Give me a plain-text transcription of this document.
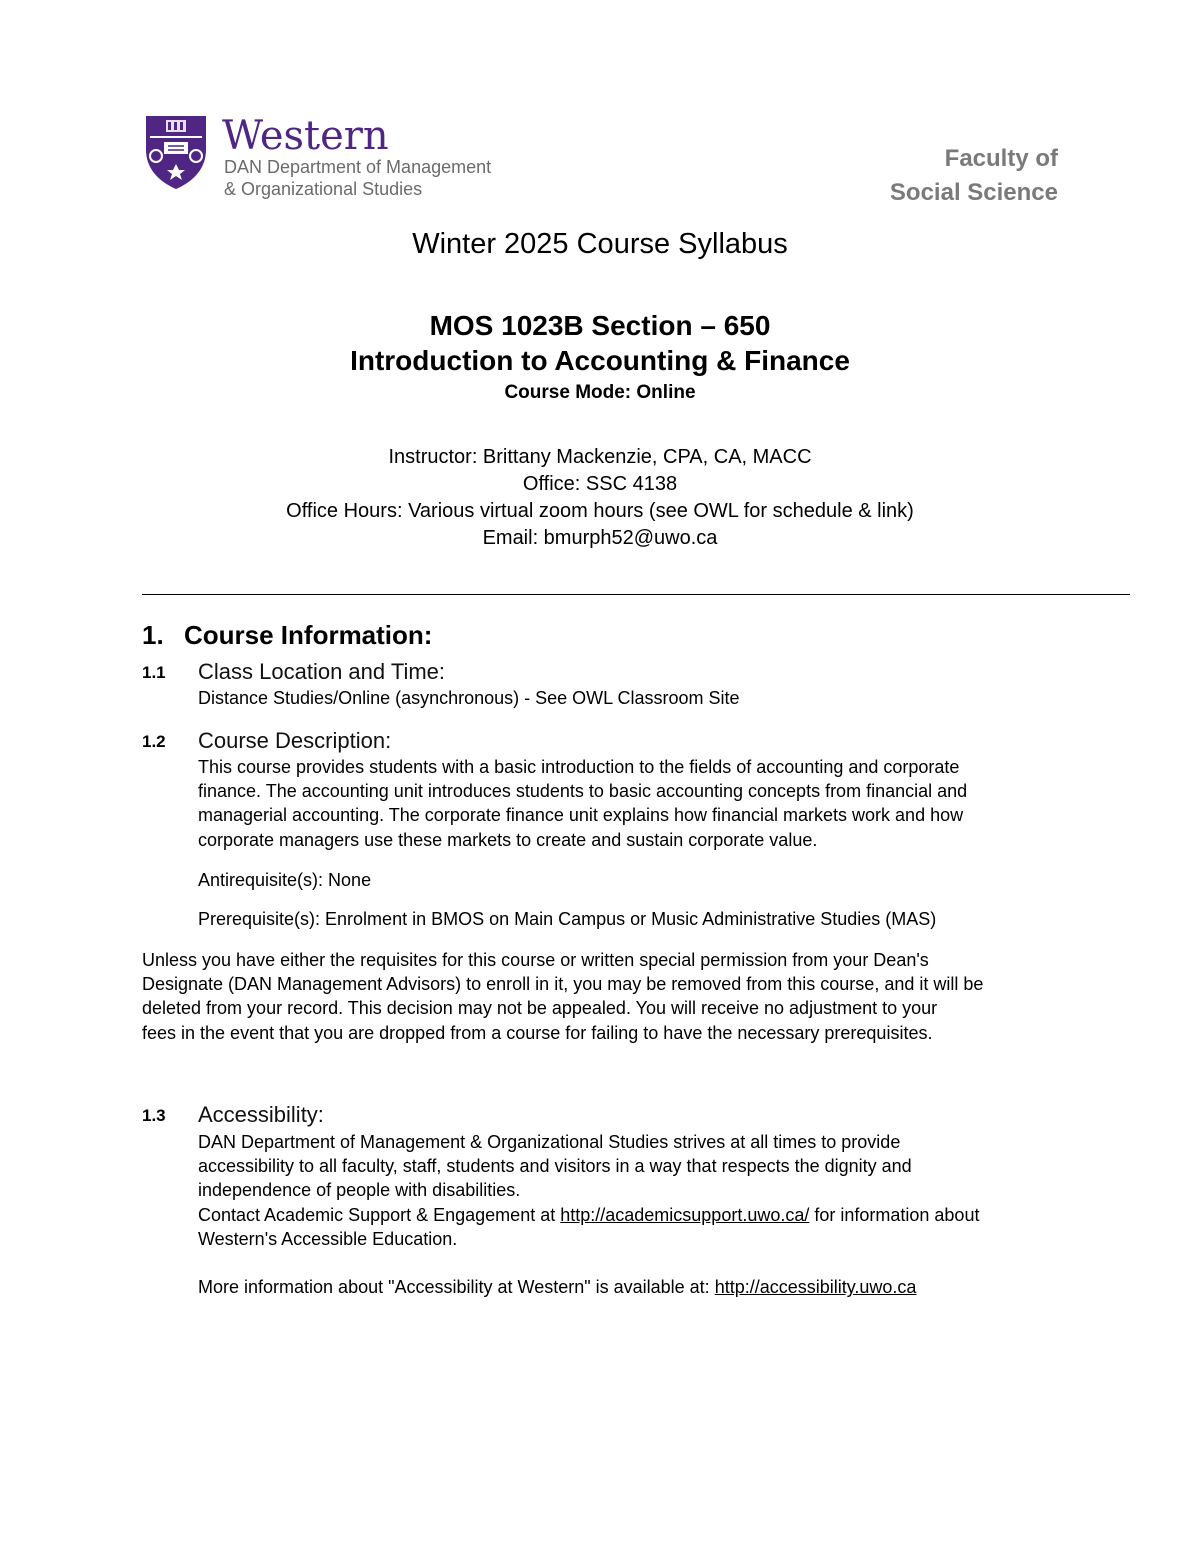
Western
DAN Department of Management
& Organizational Studies
Faculty of
Social Science
Winter 2025 Course Syllabus
MOS 1023B Section – 650
Introduction to Accounting & Finance
Course Mode: Online
Instructor: Brittany Mackenzie, CPA, CA, MACC
Office: SSC 4138
Office Hours: Various virtual zoom hours (see OWL for schedule & link)
Email: bmurph52@uwo.ca
1. Course Information:
1.1 Class Location and Time:
Distance Studies/Online (asynchronous) - See OWL Classroom Site
1.2 Course Description:
This course provides students with a basic introduction to the fields of accounting and corporate
finance. The accounting unit introduces students to basic accounting concepts from financial and
managerial accounting. The corporate finance unit explains how financial markets work and how
corporate managers use these markets to create and sustain corporate value.
Antirequisite(s): None
Prerequisite(s): Enrolment in BMOS on Main Campus or Music Administrative Studies (MAS)
Unless you have either the requisites for this course or written special permission from your Dean's
Designate (DAN Management Advisors) to enroll in it, you may be removed from this course, and it will be
deleted from your record. This decision may not be appealed. You will receive no adjustment to your
fees in the event that you are dropped from a course for failing to have the necessary prerequisites.
1.3 Accessibility:
DAN Department of Management & Organizational Studies strives at all times to provide
accessibility to all faculty, staff, students and visitors in a way that respects the dignity and
independence of people with disabilities.
Contact Academic Support & Engagement at http://academicsupport.uwo.ca/ for information about
Western's Accessible Education.
More information about "Accessibility at Western" is available at: http://accessibility.uwo.ca
